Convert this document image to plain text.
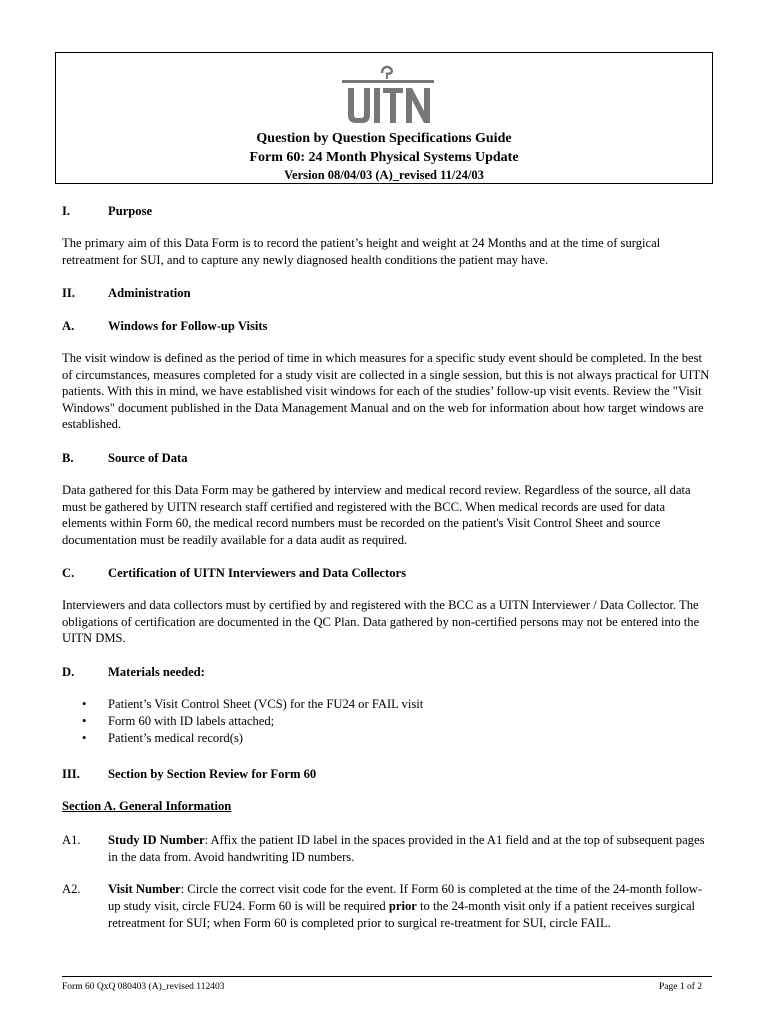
UITN
Question by Question Specifications Guide
Form 60: 24 Month Physical Systems Update
Version 08/04/03 (A)_revised 11/24/03
I.	Purpose

The primary aim of this Data Form is to record the patient’s height and weight at 24 Months and at the time of surgical retreatment for SUI, and to capture any newly diagnosed health conditions the patient may have.

II.	Administration
A.	Windows for Follow-up Visits

The visit window is defined as the period of time in which measures for a specific study event should be completed. In the best of circumstances, measures completed for a study visit are collected in a single session, but this is not always practical for UITN patients. With this in mind, we have established visit windows for each of the studies’ follow-up visit events. Review the "Visit Windows" document published in the Data Management Manual and on the web for information about how target windows are established.

B.	Source of Data

Data gathered for this Data Form may be gathered by interview and medical record review. Regardless of the source, all data must be gathered by UITN research staff certified and registered with the BCC. When medical records are used for data elements within Form 60, the medical record numbers must be recorded on the patient's Visit Control Sheet and source documentation must be readily available for a data audit as required.

C.	Certification of UITN Interviewers and Data Collectors

Interviewers and data collectors must by certified by and registered with the BCC as a UITN Interviewer / Data Collector. The obligations of certification are documented in the QC Plan. Data gathered by non-certified persons may not be entered into the UITN DMS.

D.	Materials needed:
• Patient’s Visit Control Sheet (VCS) for the FU24 or FAIL visit
• Form 60 with ID labels attached;
• Patient’s medical record(s)
III. Section by Section Review for Form 60
Section A. General Information
A1. Study ID Number: Affix the patient ID label in the spaces provided in the A1 field and at the top of subsequent pages in the data from. Avoid handwriting ID numbers.
A2. Visit Number: Circle the correct visit code for the event. If Form 60 is completed at the time of the 24-month follow-up study visit, circle FU24. Form 60 is will be required prior to the 24-month visit only if a patient receives surgical retreatment for SUI; when Form 60 is completed prior to surgical re-treatment for SUI, circle FAIL.
Form 60 QxQ 080403 (A)_revised 112403	Page 1 of 2
